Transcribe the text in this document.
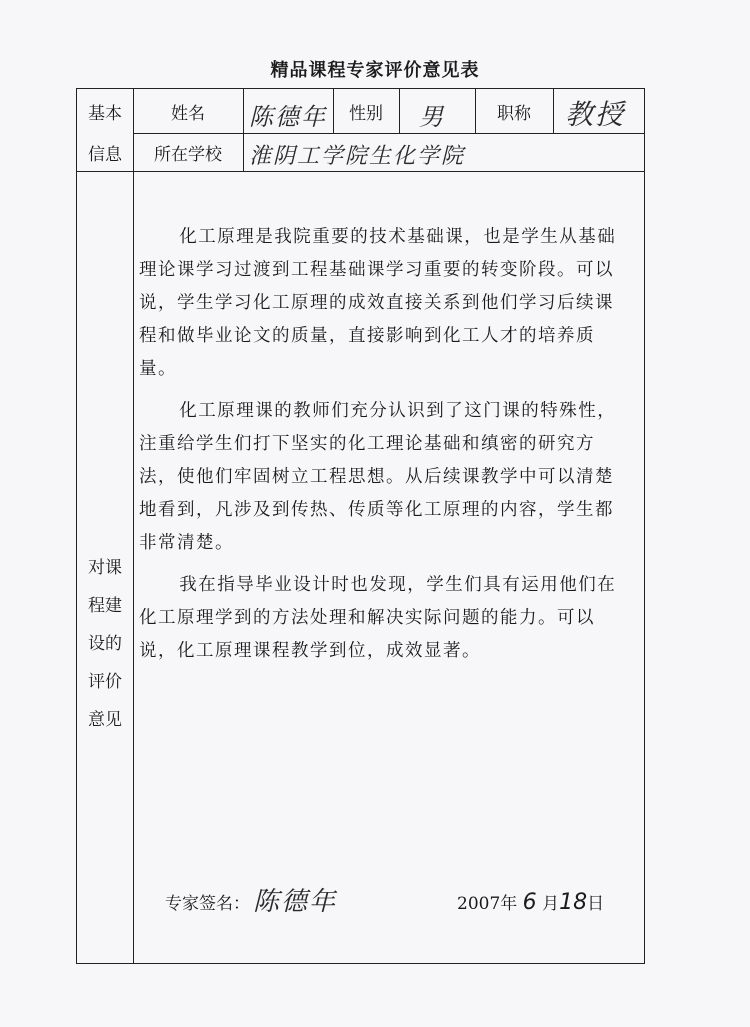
精品课程专家评价意见表
基本	姓名	陈德年	性别	男	职称	教授
信息	所在学校	淮阴工学院生化学院
对课
程建
设的
评价
意见

化工原理是我院重要的技术基础课，也是学生从基础理论课学习过渡到工程基础课学习重要的转变阶段。可以说，学生学习化工原理的成效直接关系到他们学习后续课程和做毕业论文的质量，直接影响到化工人才的培养质量。

化工原理课的教师们充分认识到了这门课的特殊性，注重给学生们打下坚实的化工理论基础和缜密的研究方法，使他们牢固树立工程思想。从后续课教学中可以清楚地看到，凡涉及到传热、传质等化工原理的内容，学生都非常清楚。

我在指导毕业设计时也发现，学生们具有运用他们在化工原理学到的方法处理和解决实际问题的能力。可以说，化工原理课程教学到位，成效显著。

专家签名： 陈德年	2007年 6 月18日
